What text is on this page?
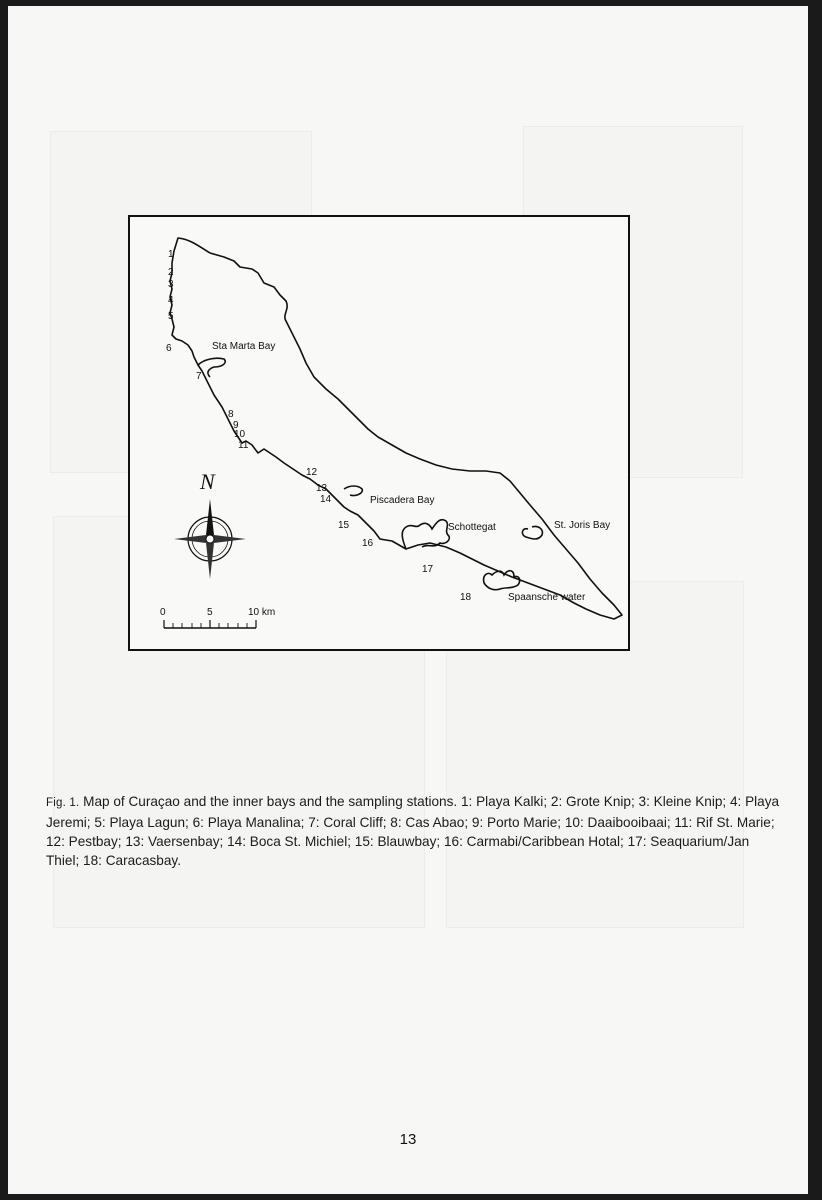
1
2
3
4
5
6
7
8
9
10
11
12
13
14
15
16
17
18
Sta Marta Bay
Piscadera Bay
Schottegat	St. Joris Bay
Spaansche water
N
0	5	10 km
Fig. 1. Map of Curaçao and the inner bays and the sampling stations. 1: Playa Kalki; 2: Grote Knip; 3: Kleine Knip; 4: Playa Jeremi; 5: Playa Lagun; 6: Playa Manalina; 7: Coral Cliff; 8: Cas Abao; 9: Porto Marie; 10: Daaibooibaai; 11: Rif St. Marie; 12: Pestbay; 13: Vaersenbay; 14: Boca St. Michiel; 15: Blauwbay; 16: Carmabi/Caribbean Hotal; 17: Seaquarium/Jan Thiel; 18: Caracasbay.
13
